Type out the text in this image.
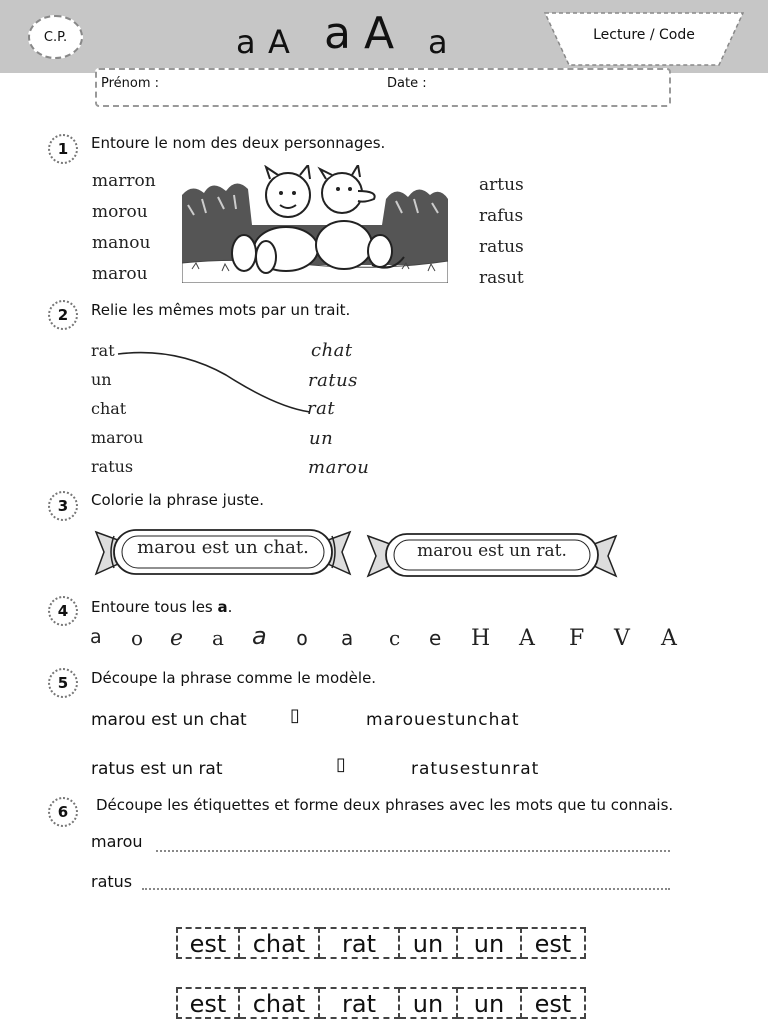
C.P.	a A a A a	Lecture / Code
Prénom :	Date :
1 Entoure le nom des deux personnages.
marron
morou
manou
marou
artus
rafus
ratus
rasut
2 Relie les mêmes mots par un trait.
rat
un
chat
marou
ratus
chat
ratus
rat
un
marou
3 Colorie la phrase juste.
marou est un chat.	marou est un rat.
4 Entoure tous les a.
a o e a a o a c e H A F V A
5 Découpe la phrase comme le modèle.
marou est un chat ▯	marouestunchat
ratus est un rat	▯	ratusestunrat
6 Découpe les étiquettes et forme deux phrases avec les mots que tu connais.
marou
ratus
est	chat	rat	un	un	est
est	chat	rat	un	un	est
